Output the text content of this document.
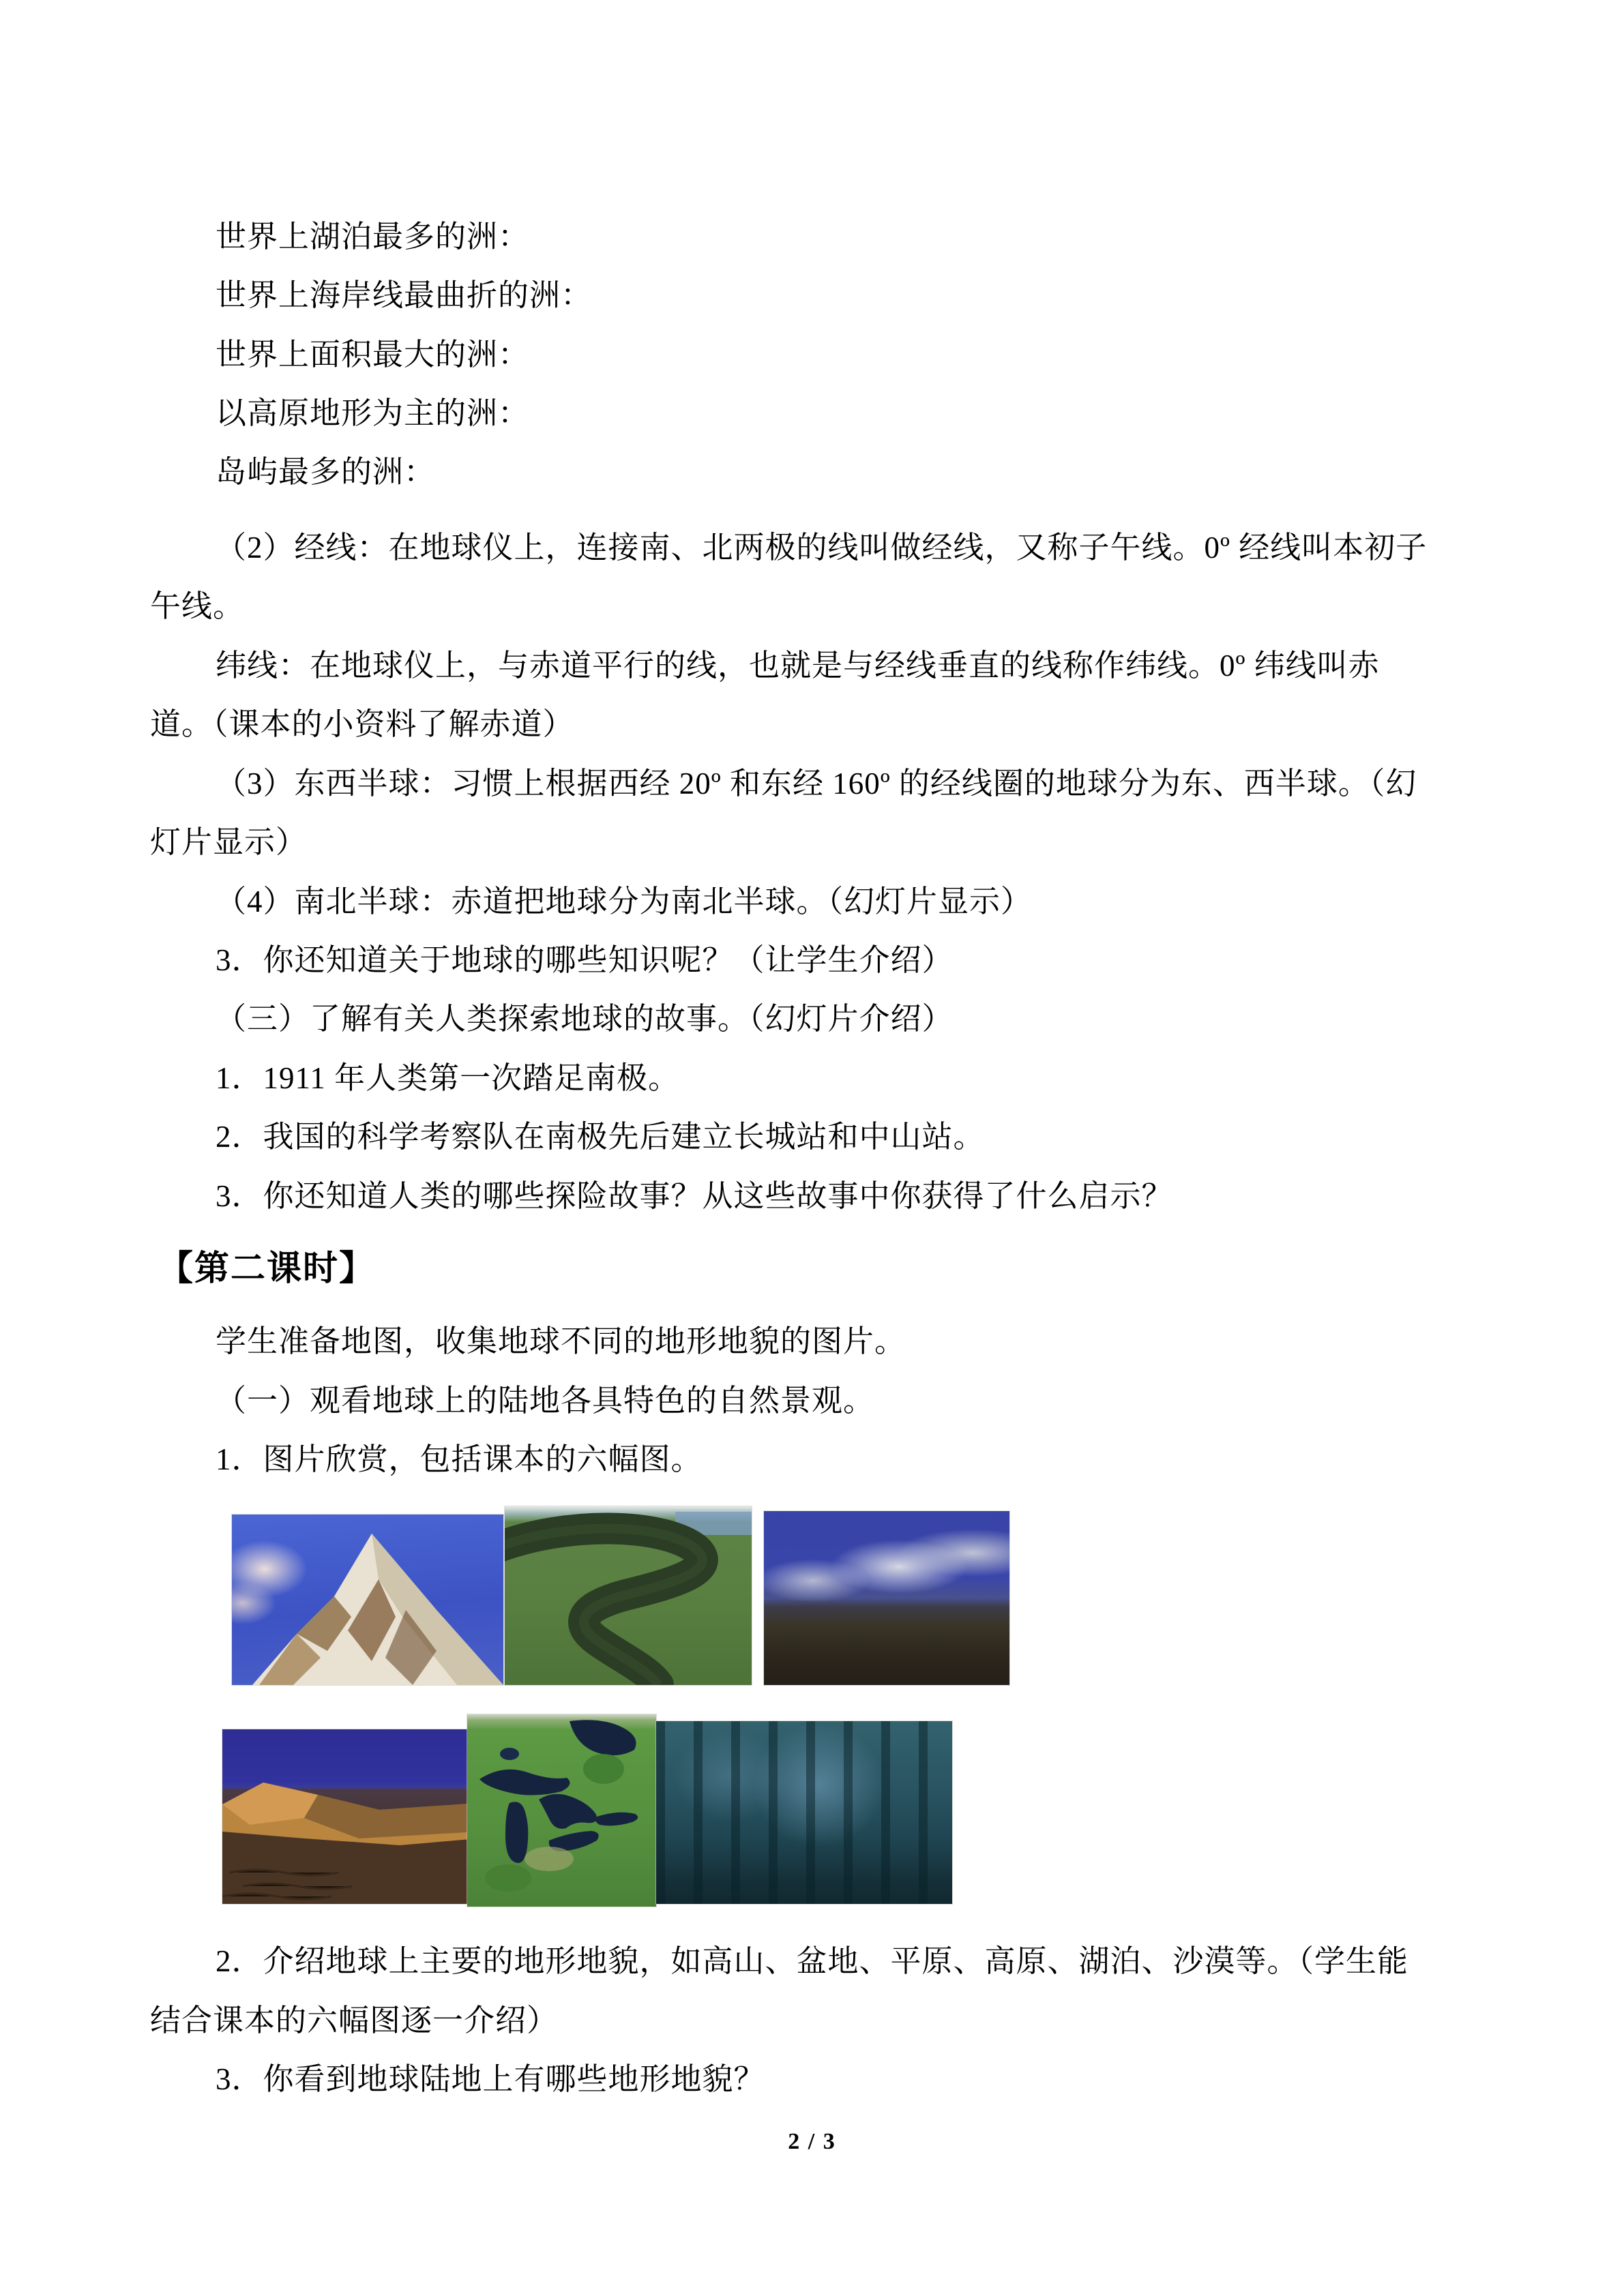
世界上湖泊最多的洲：
世界上海岸线最曲折的洲：
世界上面积最大的洲：
以高原地形为主的洲：
岛屿最多的洲：
（2）经线：在地球仪上，连接南、北两极的线叫做经线，又称子午线。0º 经线叫本初子
午线。
纬线：在地球仪上，与赤道平行的线，也就是与经线垂直的线称作纬线。0º 纬线叫赤
道。（课本的小资料了解赤道）
（3）东西半球：习惯上根据西经 20º 和东经 160º 的经线圈的地球分为东、西半球。（幻
灯片显示）
（4）南北半球：赤道把地球分为南北半球。（幻灯片显示）
3．你还知道关于地球的哪些知识呢？（让学生介绍）
（三）了解有关人类探索地球的故事。（幻灯片介绍）
1．1911 年人类第一次踏足南极。
2．我国的科学考察队在南极先后建立长城站和中山站。
3．你还知道人类的哪些探险故事？从这些故事中你获得了什么启示？
【第二课时】
学生准备地图，收集地球不同的地形地貌的图片。
（一）观看地球上的陆地各具特色的自然景观。
1．图片欣赏，包括课本的六幅图。
2．介绍地球上主要的地形地貌，如高山、盆地、平原、高原、湖泊、沙漠等。（学生能
结合课本的六幅图逐一介绍）
3．你看到地球陆地上有哪些地形地貌？
2 / 3
